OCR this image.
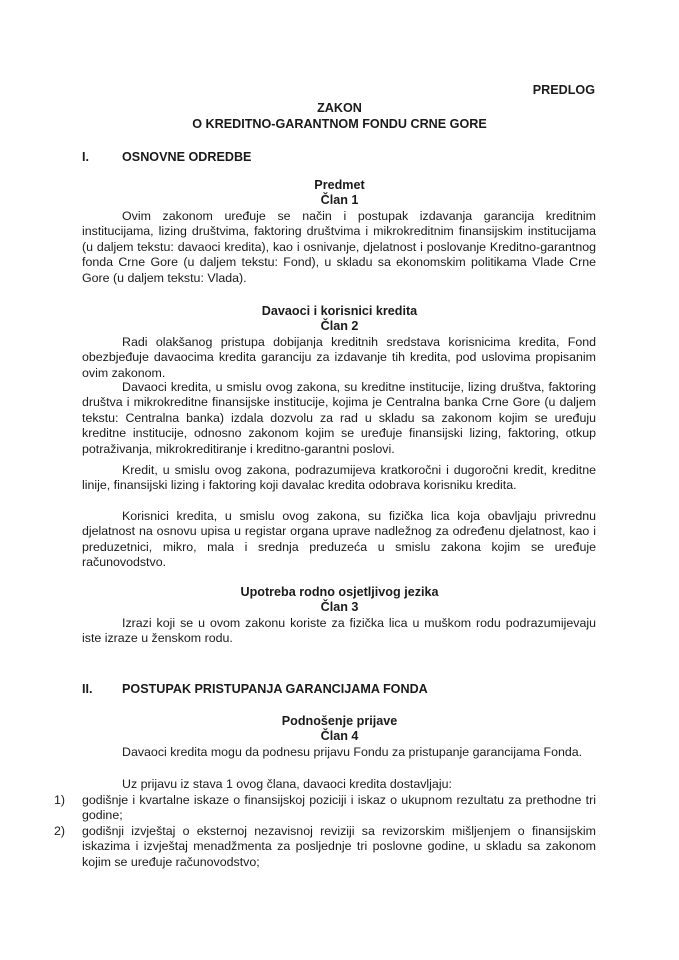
PREDLOG
ZAKON
O KREDITNO-GARANTNOM FONDU CRNE GORE
I.	OSNOVNE ODREDBE
Predmet
Član 1
Ovim zakonom uređuje se način i postupak izdavanja garancija kreditnim institucijama, lizing društvima, faktoring društvima i mikrokreditnim finansijskim institucijama (u daljem tekstu: davaoci kredita), kao i osnivanje, djelatnost i poslovanje Kreditno-garantnog fonda Crne Gore (u daljem tekstu: Fond), u skladu sa ekonomskim politikama Vlade Crne Gore (u daljem tekstu: Vlada).
Davaoci i korisnici kredita
Član 2
Radi olakšanog pristupa dobijanja kreditnih sredstava korisnicima kredita, Fond obezbjeđuje davaocima kredita garanciju za izdavanje tih kredita, pod uslovima propisanim ovim zakonom.
Davaoci kredita, u smislu ovog zakona, su kreditne institucije, lizing društva, faktoring društva i mikrokreditne finansijske institucije, kojima je Centralna banka Crne Gore (u daljem tekstu: Centralna banka) izdala dozvolu za rad u skladu sa zakonom kojim se uređuju kreditne institucije, odnosno zakonom kojim se uređuje finansijski lizing, faktoring, otkup potraživanja, mikrokreditiranje i kreditno-garantni poslovi.
Kredit, u smislu ovog zakona, podrazumijeva kratkoročni i dugoročni kredit, kreditne linije, finansijski lizing i faktoring koji davalac kredita odobrava korisniku kredita.
Korisnici kredita, u smislu ovog zakona, su fizička lica koja obavljaju privrednu djelatnost na osnovu upisa u registar organa uprave nadležnog za određenu djelatnost, kao i preduzetnici, mikro, mala i srednja preduzeća u smislu zakona kojim se uređuje računovodstvo.
Upotreba rodno osjetljivog jezika
Član 3
Izrazi koji se u ovom zakonu koriste za fizička lica u muškom rodu podrazumijevaju iste izraze u ženskom rodu.
II. POSTUPAK PRISTUPANJA GARANCIJAMA FONDA
Podnošenje prijave
Član 4
Davaoci kredita mogu da podnesu prijavu Fondu za pristupanje garancijama Fonda.
Uz prijavu iz stava 1 ovog člana, davaoci kredita dostavljaju:
1) godišnje i kvartalne iskaze o finansijskoj poziciji i iskaz o ukupnom rezultatu za prethodne tri godine;
2) godišnji izvještaj o eksternoj nezavisnoj reviziji sa revizorskim mišljenjem o finansijskim iskazima i izvještaj menadžmenta za posljednje tri poslovne godine, u skladu sa zakonom kojim se uređuje računovodstvo;
